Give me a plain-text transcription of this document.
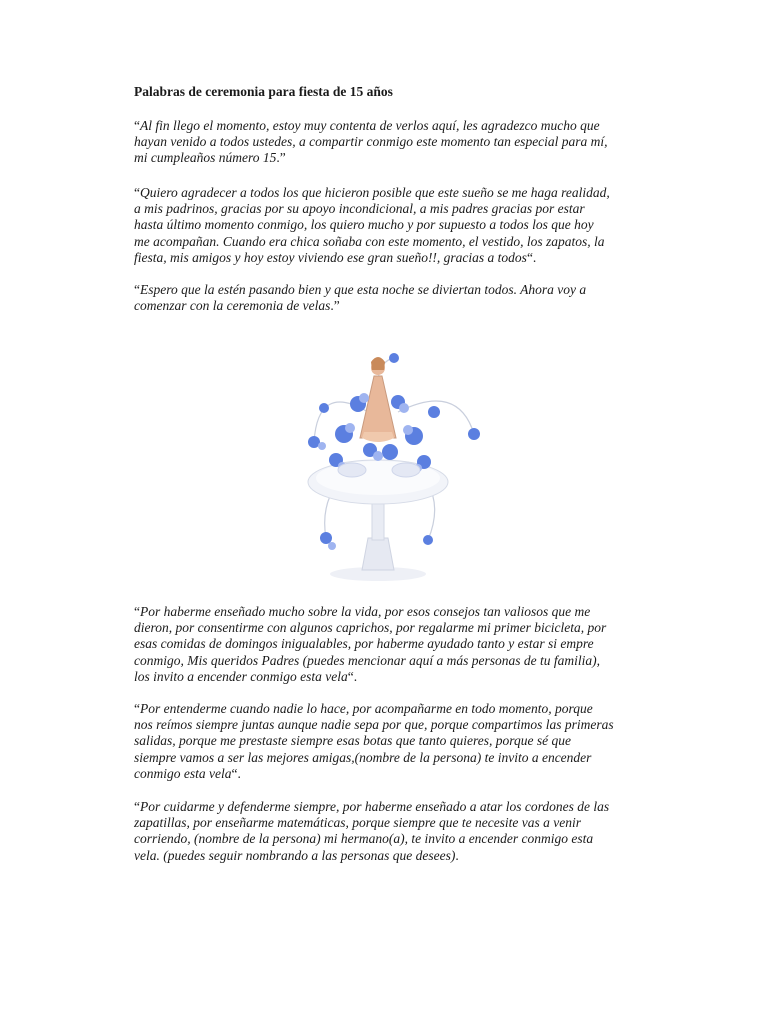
Palabras de ceremonia para fiesta de 15 años
“Al fin llego el momento, estoy muy contenta de verlos aquí, les agradezco mucho que
hayan venido a todos ustedes, a compartir conmigo este momento tan especial para mí,
mi cumpleaños número 15.”
“Quiero agradecer a todos los que hicieron posible que este sueño se me haga realidad,
a mis padrinos, gracias por su apoyo incondicional, a mis padres gracias por estar
hasta último momento conmigo, los quiero mucho y por supuesto a todos los que hoy
me acompañan. Cuando era chica soñaba con este momento, el vestido, los zapatos, la
fiesta, mis amigos y hoy estoy viviendo ese gran sueño!!, gracias a todos“.
“Espero que la estén pasando bien y que esta noche se diviertan todos. Ahora voy a
comenzar con la ceremonia de velas.”
“Por haberme enseñado mucho sobre la vida, por esos consejos tan valiosos que me
dieron, por consentirme con algunos caprichos, por regalarme mi primer bicicleta, por
esas comidas de domingos inigualables, por haberme ayudado tanto y estar si empre
conmigo, Mis queridos Padres (puedes mencionar aquí a más personas de tu familia),
los invito a encender conmigo esta vela“.
“Por entenderme cuando nadie lo hace, por acompañarme en todo momento, porque
nos reímos siempre juntas aunque nadie sepa por que, porque compartimos las primeras
salidas, porque me prestaste siempre esas botas que tanto quieres, porque sé que
siempre vamos a ser las mejores amigas,(nombre de la persona) te invito a encender
conmigo esta vela“.
“Por cuidarme y defenderme siempre, por haberme enseñado a atar los cordones de las
zapatillas, por enseñarme matemáticas, porque siempre que te necesite vas a venir
corriendo, (nombre de la persona) mi hermano(a), te invito a encender conmigo esta
vela. (puedes seguir nombrando a las personas que desees).
